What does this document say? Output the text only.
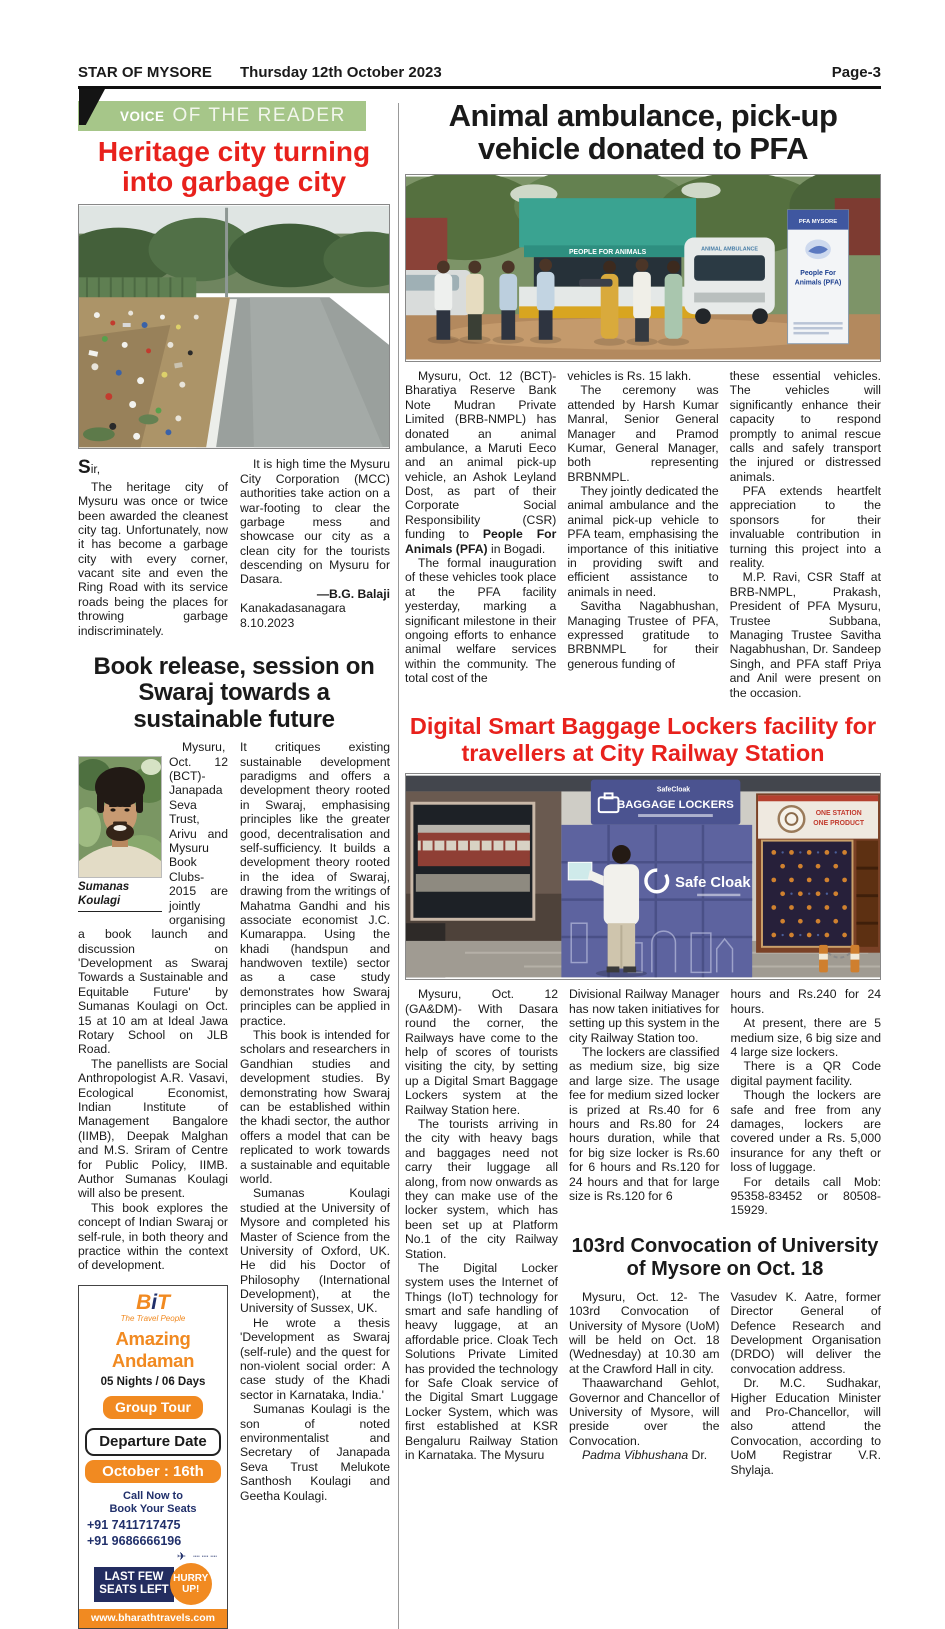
STAR OF MYSORE	Thursday 12th October 2023	Page-3
VOICE OF THE READER
Heritage city turning into garbage city

Sir,

The heritage city of Mysuru was once or twice been awarded the cleanest city tag. Unfortunately, now it has become a garbage city with every corner, vacant site and even the Ring Road with its service roads being the places for throwing garbage indiscriminately.

It is high time the Mysuru City Corporation (MCC) authorities take action on a war-footing to clear the garbage mess and showcase our city as a clean city for the tourists descending on Mysuru for Dasara.

—B.G. Balaji

Kanakadasanagara

8.10.2023

Book release, session on Swaraj towards a sustainable future
Sumanas Koulagi

Mysuru, Oct. 12 (BCT)- Janapada Seva Trust, Arivu and Mysuru Book Clubs-2015 are jointly organising a book launch and discussion on 'Development as Swaraj Towards a Sustainable and Equitable Future' by Sumanas Koulagi on Oct. 15 at 10 am at Ideal Jawa Rotary School on JLB Road.

The panellists are Social Anthropologist A.R. Vasavi, Ecological Economist, Indian Institute of Management Bangalore (IIMB), Deepak Malghan and M.S. Sriram of Centre for Public Policy, IIMB. Author Sumanas Koulagi will also be present.

This book explores the concept of Indian Swaraj or self-rule, in both theory and practice within the context of development.

BiT
The Travel People
Amazing Andaman
05 Nights / 06 Days
Group Tour
Departure Date
October : 16th
Call Now to
Book Your Seats
+91 7411717475
+91 9686666196
✈ ┈┈┈
LAST FEW
SEATS LEFT
HURRY
UP!
www.bharathtravels.com

It critiques existing sustainable development paradigms and offers a development theory rooted in Swaraj, emphasising principles like the greater good, decentralisation and self-sufficiency. It builds a development theory rooted in the idea of Swaraj, drawing from the writings of Mahatma Gandhi and his associate economist J.C. Kumarappa. Using the khadi (handspun and handwoven textile) sector as a case study demonstrates how Swaraj principles can be applied in practice.

This book is intended for scholars and researchers in Gandhian studies and development studies. By demonstrating how Swaraj can be established within the khadi sector, the author offers a model that can be replicated to work towards a sustainable and equitable world.

Sumanas Koulagi studied at the University of Mysore and completed his Master of Science from the University of Oxford, UK. He did his Doctor of Philosophy (International Development), at the University of Sussex, UK.

He wrote a thesis 'Development as Swaraj (self-rule) and the quest for non-violent social order: A case study of the Khadi sector in Karnataka, India.'

Sumanas Koulagi is the son of noted environmentalist and Secretary of Janapada Seva Trust Melukote Santhosh Koulagi and Geetha Koulagi.

Animal ambulance, pick-up vehicle donated to PFA
PEOPLE FOR ANIMALS	ANIMAL AMBULANCE
PFA MYSORE
People For
Animals (PFA)

Mysuru, Oct. 12 (BCT)- Bharatiya Reserve Bank Note Mudran Private Limited (BRB-NMPL) has donated an animal ambulance, a Maruti Eeco and an animal pick-up vehicle, an Ashok Leyland Dost, as part of their Corporate Social Responsibility (CSR) funding to People For Animals (PFA) in Bogadi.

The formal inauguration of these vehicles took place at the PFA facility yesterday, marking a significant milestone in their ongoing efforts to enhance animal welfare services within the community. The total cost of the

vehicles is Rs. 15 lakh.

The ceremony was attended by Harsh Kumar Manral, Senior General Manager and Pramod Kumar, General Manager, both representing BRBNMPL.

They jointly dedicated the animal ambulance and the animal pick-up vehicle to PFA team, emphasising the importance of this initiative in providing swift and efficient assistance to animals in need.

Savitha Nagabhushan, Managing Trustee of PFA, expressed gratitude to BRBNMPL for their generous funding of

these essential vehicles. The vehicles will significantly enhance their capacity to respond promptly to animal rescue calls and safely transport the injured or distressed animals.

PFA extends heartfelt appreciation to the sponsors for their invaluable contribution in turning this project into a reality.

M.P. Ravi, CSR Staff at BRB-NMPL, Prakash, President of PFA Mysuru, Trustee Subbana, Managing Trustee Savitha Nagabhushan, Dr. Sandeep Singh, and PFA staff Priya and Anil were present on the occasion.

Digital Smart Baggage Lockers facility for travellers at City Railway Station
SafeCloak
BAGGAGE LOCKERS
Safe Cloak
ONE STATION
ONE PRODUCT

Mysuru, Oct. 12 (GA&DM)- With Dasara round the corner, the Railways have come to the help of scores of tourists visiting the city, by setting up a Digital Smart Baggage Lockers system at the Railway Station here.

The tourists arriving in the city with heavy bags and baggages need not carry their luggage all along, from now onwards as they can make use of the locker system, which has been set up at Platform No.1 of the city Railway Station.

The Digital Locker system uses the Internet of Things (IoT) technology for smart and safe handling of heavy luggage, at an affordable price. Cloak Tech Solutions Private Limited has provided the technology for Safe Cloak service of the Digital Smart Luggage Locker System, which was first established at KSR Bengaluru Railway Station in Karnataka. The Mysuru

Divisional Railway Manager has now taken initiatives for setting up this system in the city Railway Station too.

The lockers are classified as medium size, big size and large size. The usage fee for medium sized locker is prized at Rs.40 for 6 hours and Rs.80 for 24 hours duration, while that for big size locker is Rs.60 for 6 hours and Rs.120 for 24 hours and that for large size is Rs.120 for 6

hours and Rs.240 for 24 hours.

At present, there are 5 medium size, 6 big size and 4 large size lockers.

There is a QR Code digital payment facility.

Though the lockers are safe and free from any damages, lockers are covered under a Rs. 5,000 insurance for any theft or loss of luggage.

For details call Mob: 95358-83452 or 80508-15929.

103rd Convocation of University of Mysore on Oct. 18

Mysuru, Oct. 12- The 103rd Convocation of University of Mysore (UoM) will be held on Oct. 18 (Wednesday) at 10.30 am at the Crawford Hall in city.

Thaawarchand Gehlot, Governor and Chancellor of University of Mysore, will preside over the Convocation.

Padma Vibhushana Dr.

Vasudev K. Aatre, former Director General of Defence Research and Development Organisation (DRDO) will deliver the convocation address.

Dr. M.C. Sudhakar, Higher Education Minister and Pro-Chancellor, will also attend the Convocation, according to UoM Registrar V.R. Shylaja.
